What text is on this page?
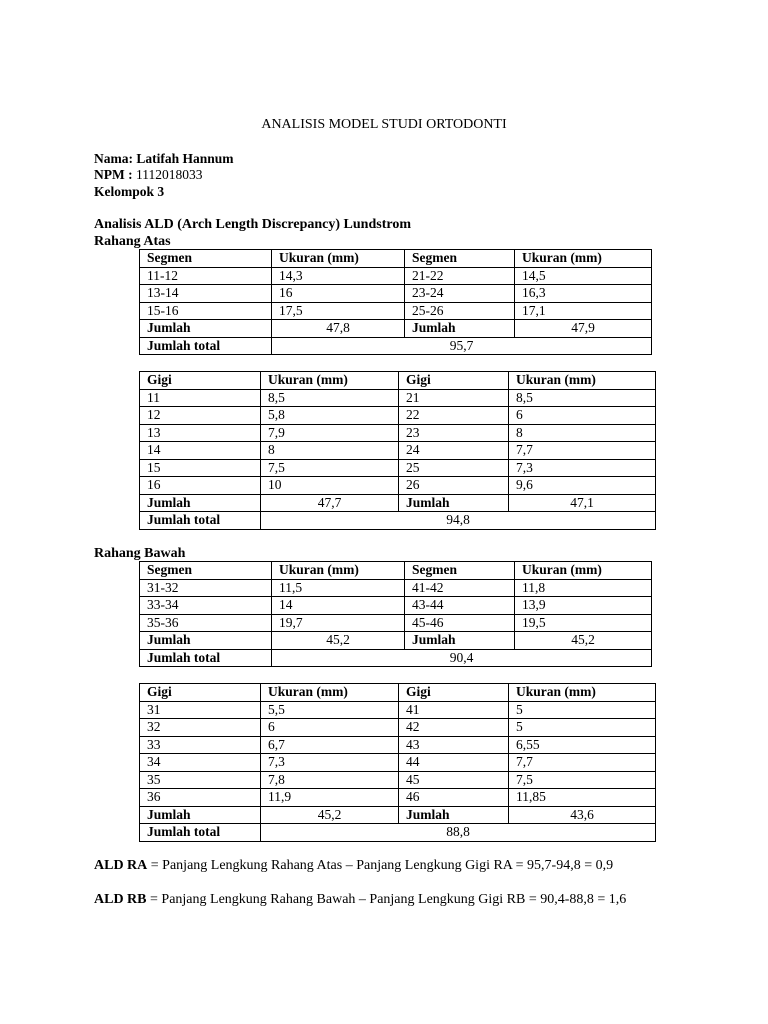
ANALISIS MODEL STUDI ORTODONTI
Nama: Latifah Hannum
NPM : 1112018033
Kelompok 3
Analisis ALD (Arch Length Discrepancy) Lundstrom
Rahang Atas
Segmen	Ukuran (mm)	Segmen	Ukuran (mm)
11-12	14,3	21-22	14,5
13-14	16	23-24	16,3
15-16	17,5	25-26	17,1
Jumlah	47,8	Jumlah	47,9
Jumlah total	95,7		
Gigi	Ukuran (mm)	Gigi	Ukuran (mm)
11	8,5	21	8,5
12	5,8	22	6
13	7,9	23	8
14	8	24	7,7
15	7,5	25	7,3
16	10	26	9,6
Jumlah	47,7	Jumlah	47,1
Jumlah total	94,8		
Rahang Bawah
Segmen	Ukuran (mm)	Segmen	Ukuran (mm)
31-32	11,5	41-42	11,8
33-34	14	43-44	13,9
35-36	19,7	45-46	19,5
Jumlah	45,2	Jumlah	45,2
Jumlah total	90,4		
Gigi	Ukuran (mm)	Gigi	Ukuran (mm)
31	5,5	41	5
32	6	42	5
33	6,7	43	6,55
34	7,3	44	7,7
35	7,8	45	7,5
36	11,9	46	11,85
Jumlah	45,2	Jumlah	43,6
Jumlah total	88,8		
ALD RA = Panjang Lengkung Rahang Atas – Panjang Lengkung Gigi RA = 95,7-94,8 = 0,9
ALD RB = Panjang Lengkung Rahang Bawah – Panjang Lengkung Gigi RB = 90,4-88,8 = 1,6
